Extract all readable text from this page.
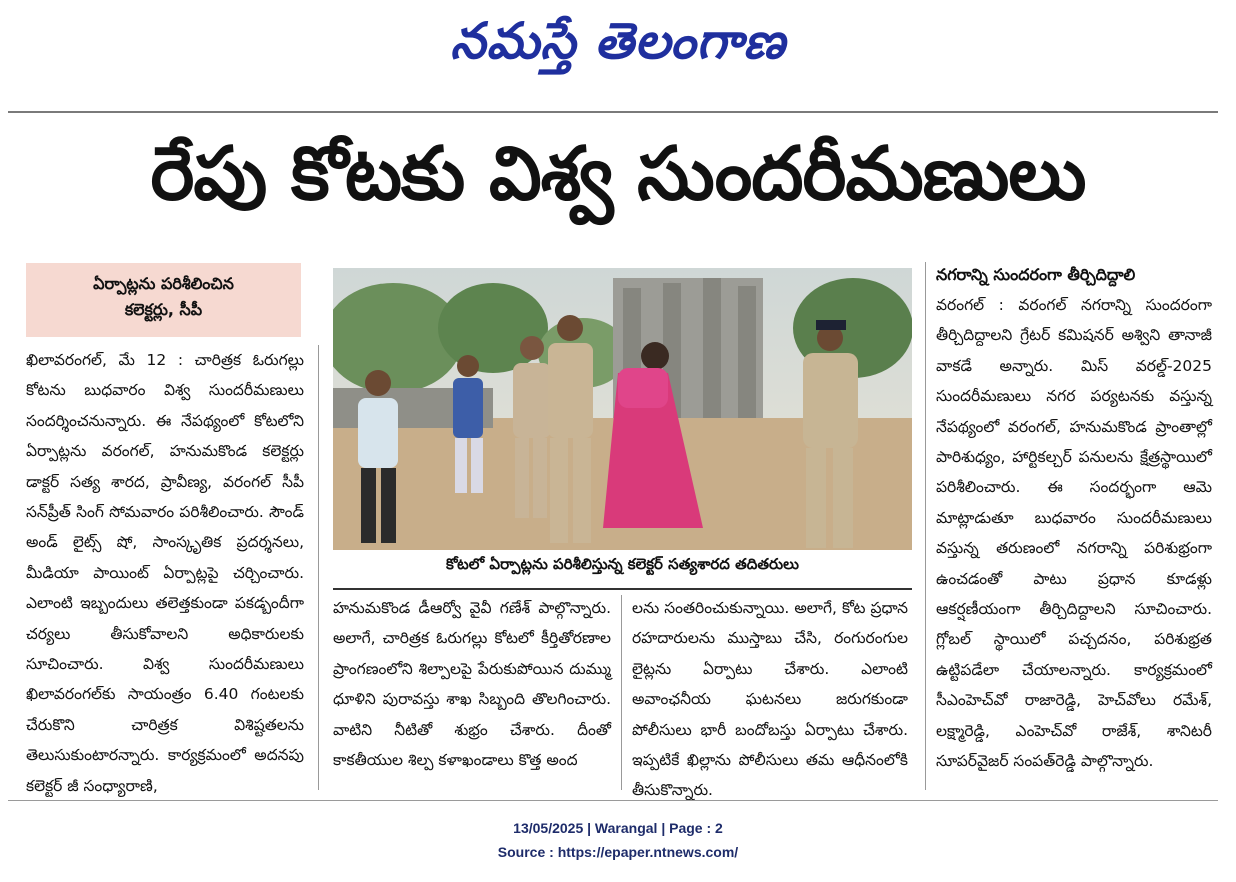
నమస్తే తెలంగాణ
రేపు కోటకు విశ్వ సుందరీమణులు
ఏర్పాట్లను పరిశీలించిన
కలెక్టర్లు, సీపీ

ఖిలావరంగల్‌, మే 12 : చారిత్రక ఓరుగల్లు కోటను బుధవారం విశ్వ సుందరీమణులు సందర్శించనున్నారు. ఈ నేపథ్యంలో కోటలోని ఏర్పాట్లను వరంగల్‌, హనుమకొండ కలెక్టర్లు డాక్టర్‌ సత్య శారద, ప్రావీణ్య, వరంగల్‌ సీపీ సన్‌ప్రీత్‌ సింగ్‌ సోమవారం పరిశీలించారు. సౌండ్‌ అండ్‌ లైట్స్‌ షో, సాంస్కృతిక ప్రదర్శనలు, మీడియా పాయింట్‌ ఏర్పాట్లపై చర్చించారు. ఎలాంటి ఇబ్బందులు తలెత్తకుండా పకడ్బందీగా చర్యలు తీసుకోవాలని అధికారులకు సూచించారు. విశ్వ సుందరీమణులు ఖిలావరంగల్‌కు సాయంత్రం 6.40 గంటలకు చేరుకొని చారిత్రక విశిష్టతలను తెలుసుకుంటారన్నారు. కార్యక్రమంలో అదనపు కలెక్టర్‌ జీ సంధ్యారాణి,

కోటలో ఏర్పాట్లను పరిశీలిస్తున్న కలెక్టర్‌ సత్యశారద తదితరులు

హనుమకొండ డీఆర్వో వైవీ గణేశ్‌ పాల్గొన్నారు. అలాగే, చారిత్రక ఓరుగల్లు కోటలో కీర్తితోరణాల ప్రాంగణంలోని శిల్పాలపై పేరుకుపోయిన దుమ్ము ధూళిని పురావస్తు శాఖ సిబ్బంది తొలగించారు. వాటిని నీటితో శుభ్రం చేశారు. దీంతో కాకతీయుల శిల్ప కళాఖండాలు కొత్త అంద

లను సంతరించుకున్నాయి. అలాగే, కోట ప్రధాన రహదారులను ముస్తాబు చేసి, రంగురంగుల లైట్లను ఏర్పాటు చేశారు. ఎలాంటి అవాంఛనీయ ఘటనలు జరుగకుండా పోలీసులు భారీ బందోబస్తు ఏర్పాటు చేశారు. ఇప్పటికే ఖిల్లాను పోలీసులు తమ ఆధీనంలోకి తీసుకొన్నారు.

నగరాన్ని సుందరంగా తీర్చిదిద్దాలి

వరంగల్‌ : వరంగల్‌ నగరాన్ని సుందరంగా తీర్చిదిద్దాలని గ్రేటర్‌ కమిషనర్‌ అశ్విని తానాజీ వాకడే అన్నారు. మిస్‌ వరల్డ్‌-2025 సుందరీమణులు నగర పర్యటనకు వస్తున్న నేపథ్యంలో వరంగల్‌, హనుమకొండ ప్రాంతాల్లో పారిశుధ్యం, హార్టికల్చర్‌ పనులను క్షేత్రస్థాయిలో పరిశీలించారు. ఈ సందర్భంగా ఆమె మాట్లాడుతూ బుధవారం సుందరీమణులు వస్తున్న తరుణంలో నగరాన్ని పరిశుభ్రంగా ఉంచడంతో పాటు ప్రధాన కూడళ్లు ఆకర్షణీయంగా తీర్చిదిద్దాలని సూచించారు. గ్లోబల్‌ స్థాయిలో పచ్చదనం, పరిశుభ్రత ఉట్టిపడేలా చేయాలన్నారు. కార్యక్రమంలో సీఎంహెచ్‌వో రాజారెడ్డి, హెచ్‌వోలు రమేశ్‌, లక్ష్మారెడ్డి, ఎంహెచ్‌వో రాజేశ్‌, శానిటరీ సూపర్‌వైజర్‌ సంపత్‌రెడ్డి పాల్గొన్నారు.

13/05/2025 | Warangal | Page : 2
Source : https://epaper.ntnews.com/
